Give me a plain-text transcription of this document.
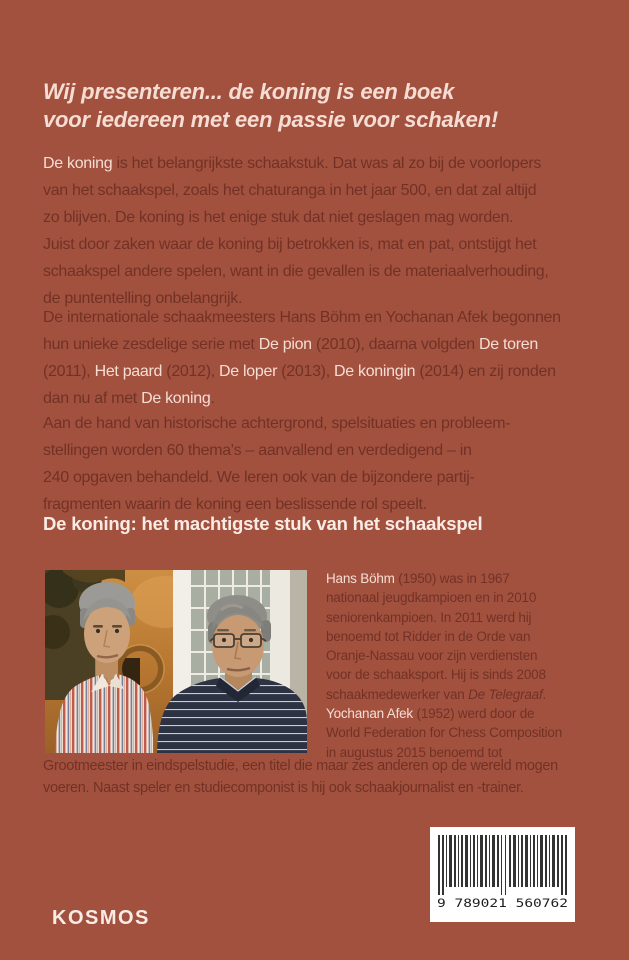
Wij presenteren... de koning is een boek
voor iedereen met een passie voor schaken!
De koning is het belangrijkste schaakstuk. Dat was al zo bij de voorlopers
van het schaakspel, zoals het chaturanga in het jaar 500, en dat zal altijd
zo blijven. De koning is het enige stuk dat niet geslagen mag worden.
Juist door zaken waar de koning bij betrokken is, mat en pat, ontstijgt het
schaakspel andere spelen, want in die gevallen is de materiaalverhouding,
de puntentelling onbelangrijk.
De internationale schaakmeesters Hans Böhm en Yochanan Afek begonnen
hun unieke zesdelige serie met De pion (2010), daarna volgden De toren
(2011), Het paard (2012), De loper (2013), De koningin (2014) en zij ronden
dan nu af met De koning.
Aan de hand van historische achtergrond, spelsituaties en probleem-
stellingen worden 60 thema's – aanvallend en verdedigend – in
240 opgaven behandeld. We leren ook van de bijzondere partij-
fragmenten waarin de koning een beslissende rol speelt.
De koning: het machtigste stuk van het schaakspel
Hans Böhm (1950) was in 1967
nationaal jeugdkampioen en in 2010
seniorenkampioen. In 2011 werd hij
benoemd tot Ridder in de Orde van
Oranje-Nassau voor zijn verdiensten
voor de schaaksport. Hij is sinds 2008
schaakmedewerker van De Telegraaf.
Yochanan Afek (1952) werd door de
World Federation for Chess Composition
in augustus 2015 benoemd tot
Grootmeester in eindspelstudie, een titel die maar zes anderen op de wereld mogen
voeren. Naast speler en studiecomponist is hij ook schaakjournalist en -trainer.
KOSMOS
9 789021 560762
